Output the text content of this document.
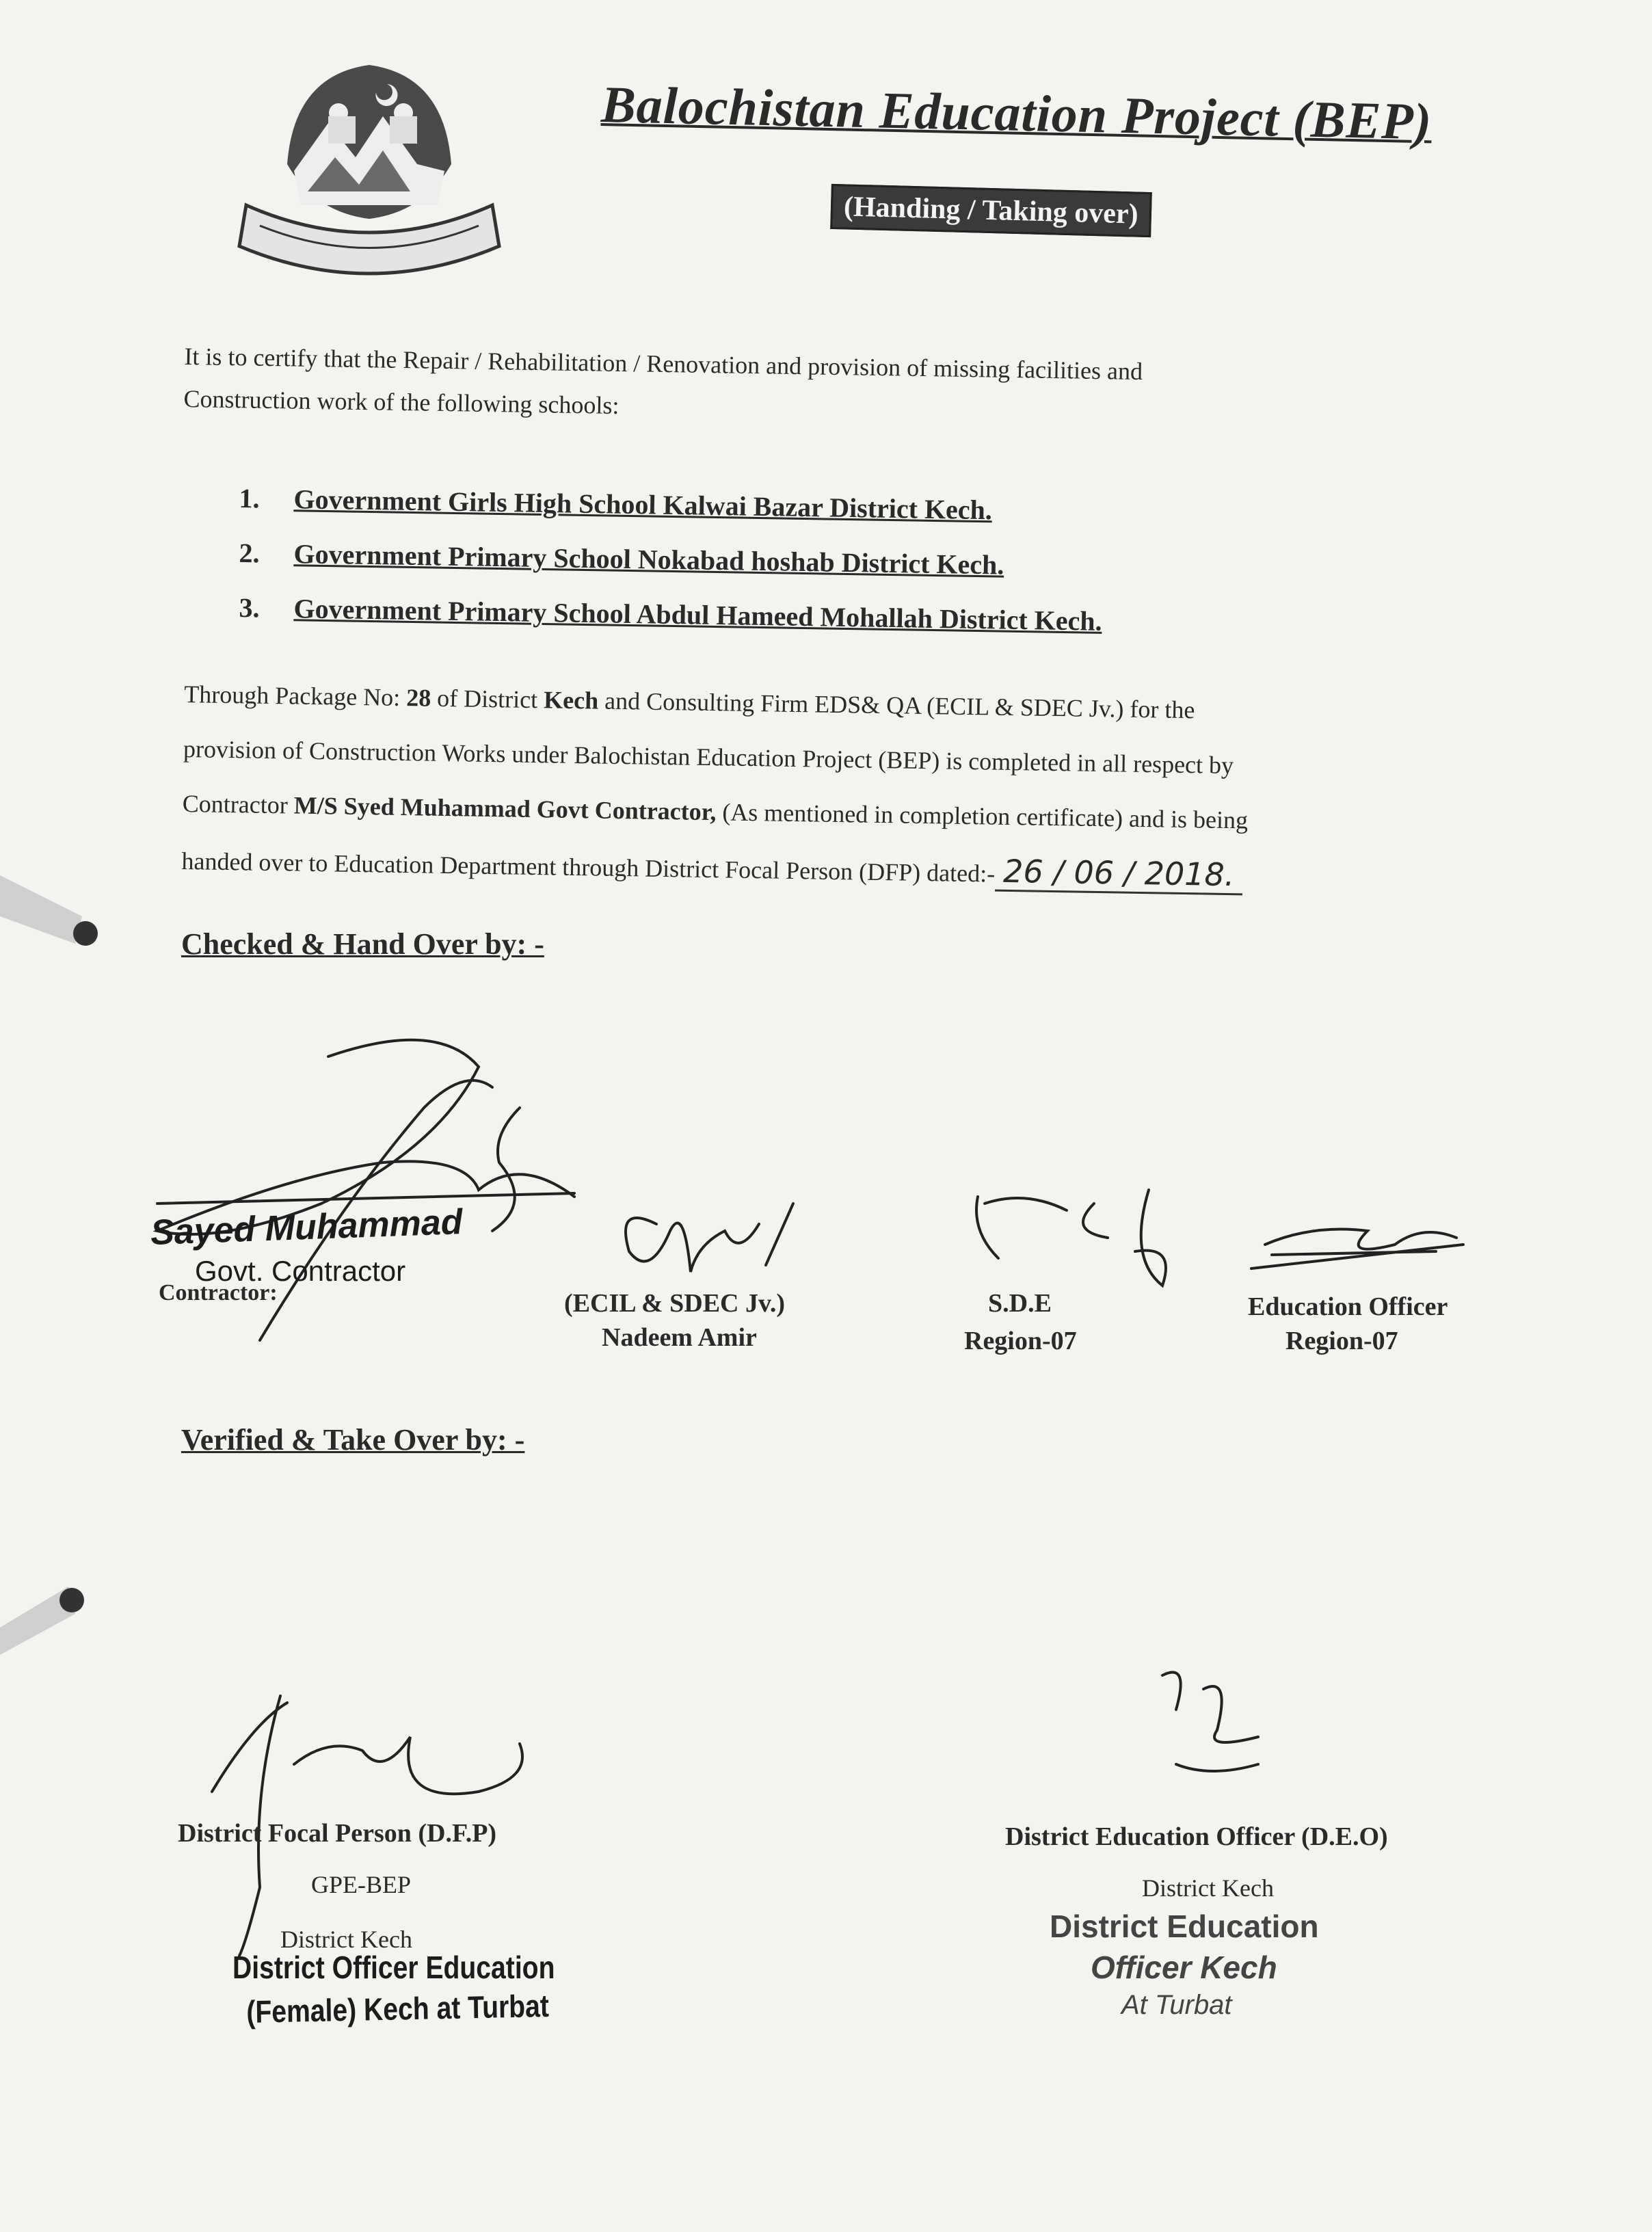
Balochistan Education Project (BEP)
(Handing / Taking over)
It is to certify that the Repair / Rehabilitation / Renovation and provision of missing facilities and
Construction work of the following schools:
1. Government Girls High School Kalwai Bazar District Kech.
2. Government Primary School Nokabad hoshab District Kech.
3. Government Primary School Abdul Hameed Mohallah District Kech.
Through Package No: 28 of District Kech and Consulting Firm EDS& QA (ECIL & SDEC Jv.) for the
provision of Construction Works under Balochistan Education Project (BEP) is completed in all respect by
Contractor M/S Syed Muhammad Govt Contractor, (As mentioned in completion certificate) and is being
handed over to Education Department through District Focal Person (DFP) dated:- 26 / 06 / 2018.
Checked & Hand Over by: -
Sayed Muhammad
Govt. Contractor
Contractor:	(ECIL & SDEC Jv.)
Nadeem Amir
S.D.E
Region-07
Education Officer
Region-07
Verified & Take Over by: -
District Focal Person (D.F.P)
GPE-BEP
District Kech
District Officer Education
(Female) Kech at Turbat
District Education Officer (D.E.O)
District Kech
District Education
Officer Kech
At Turbat
